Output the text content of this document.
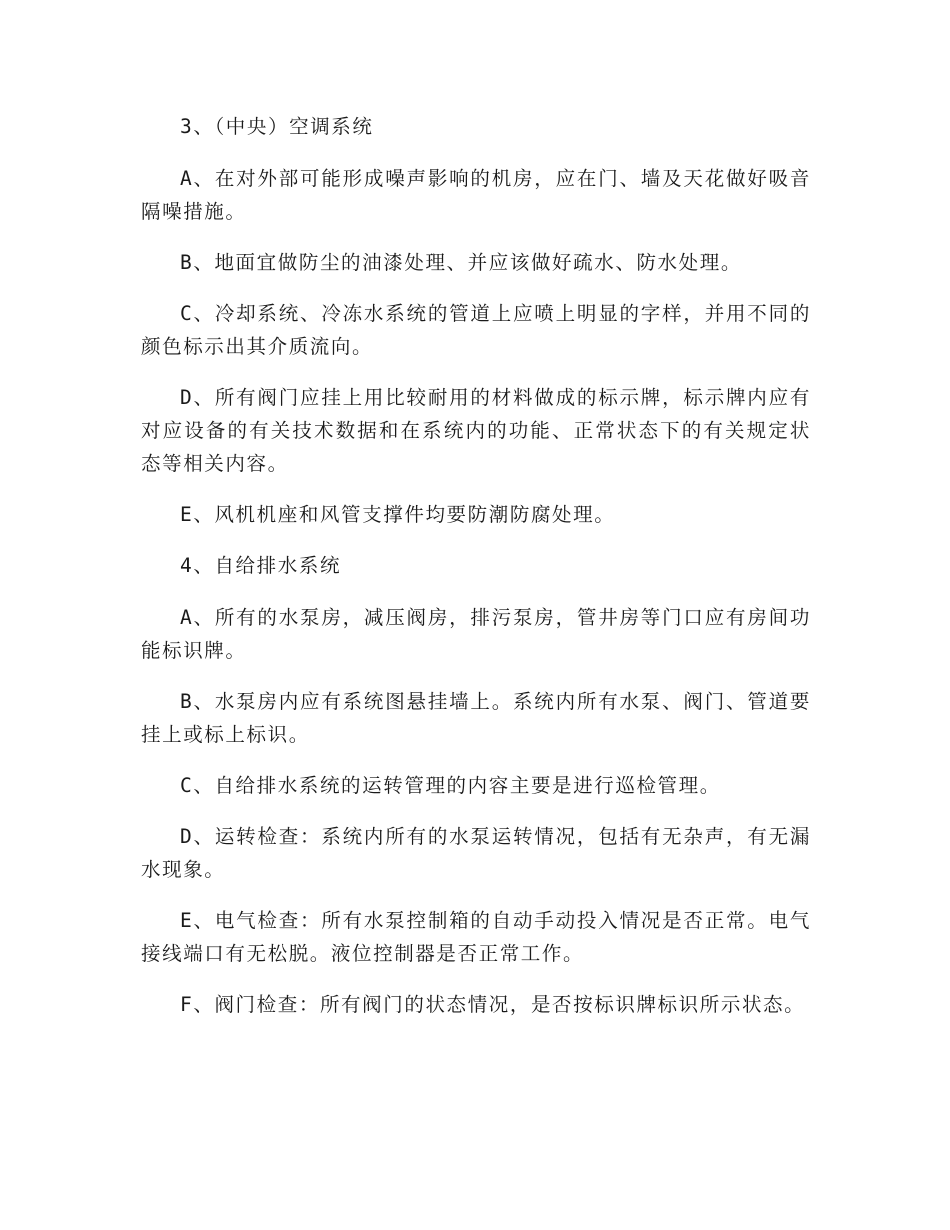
3、（中央）空调系统

A、在对外部可能形成噪声影响的机房，应在门、墙及天花做好吸音隔噪措施。

B、地面宜做防尘的油漆处理、并应该做好疏水、防水处理。

C、冷却系统、冷冻水系统的管道上应喷上明显的字样，并用不同的颜色标示出其介质流向。

D、所有阀门应挂上用比较耐用的材料做成的标示牌，标示牌内应有对应设备的有关技术数据和在系统内的功能、正常状态下的有关规定状态等相关内容。

E、风机机座和风管支撑件均要防潮防腐处理。

4、自给排水系统

A、所有的水泵房，减压阀房，排污泵房，管井房等门口应有房间功能标识牌。

B、水泵房内应有系统图悬挂墙上。系统内所有水泵、阀门、管道要挂上或标上标识。

C、自给排水系统的运转管理的内容主要是进行巡检管理。

D、运转检查：系统内所有的水泵运转情况，包括有无杂声，有无漏水现象。

E、电气检查：所有水泵控制箱的自动手动投入情况是否正常。电气接线端口有无松脱。液位控制器是否正常工作。

F、阀门检查：所有阀门的状态情况，是否按标识牌标识所示状态。
